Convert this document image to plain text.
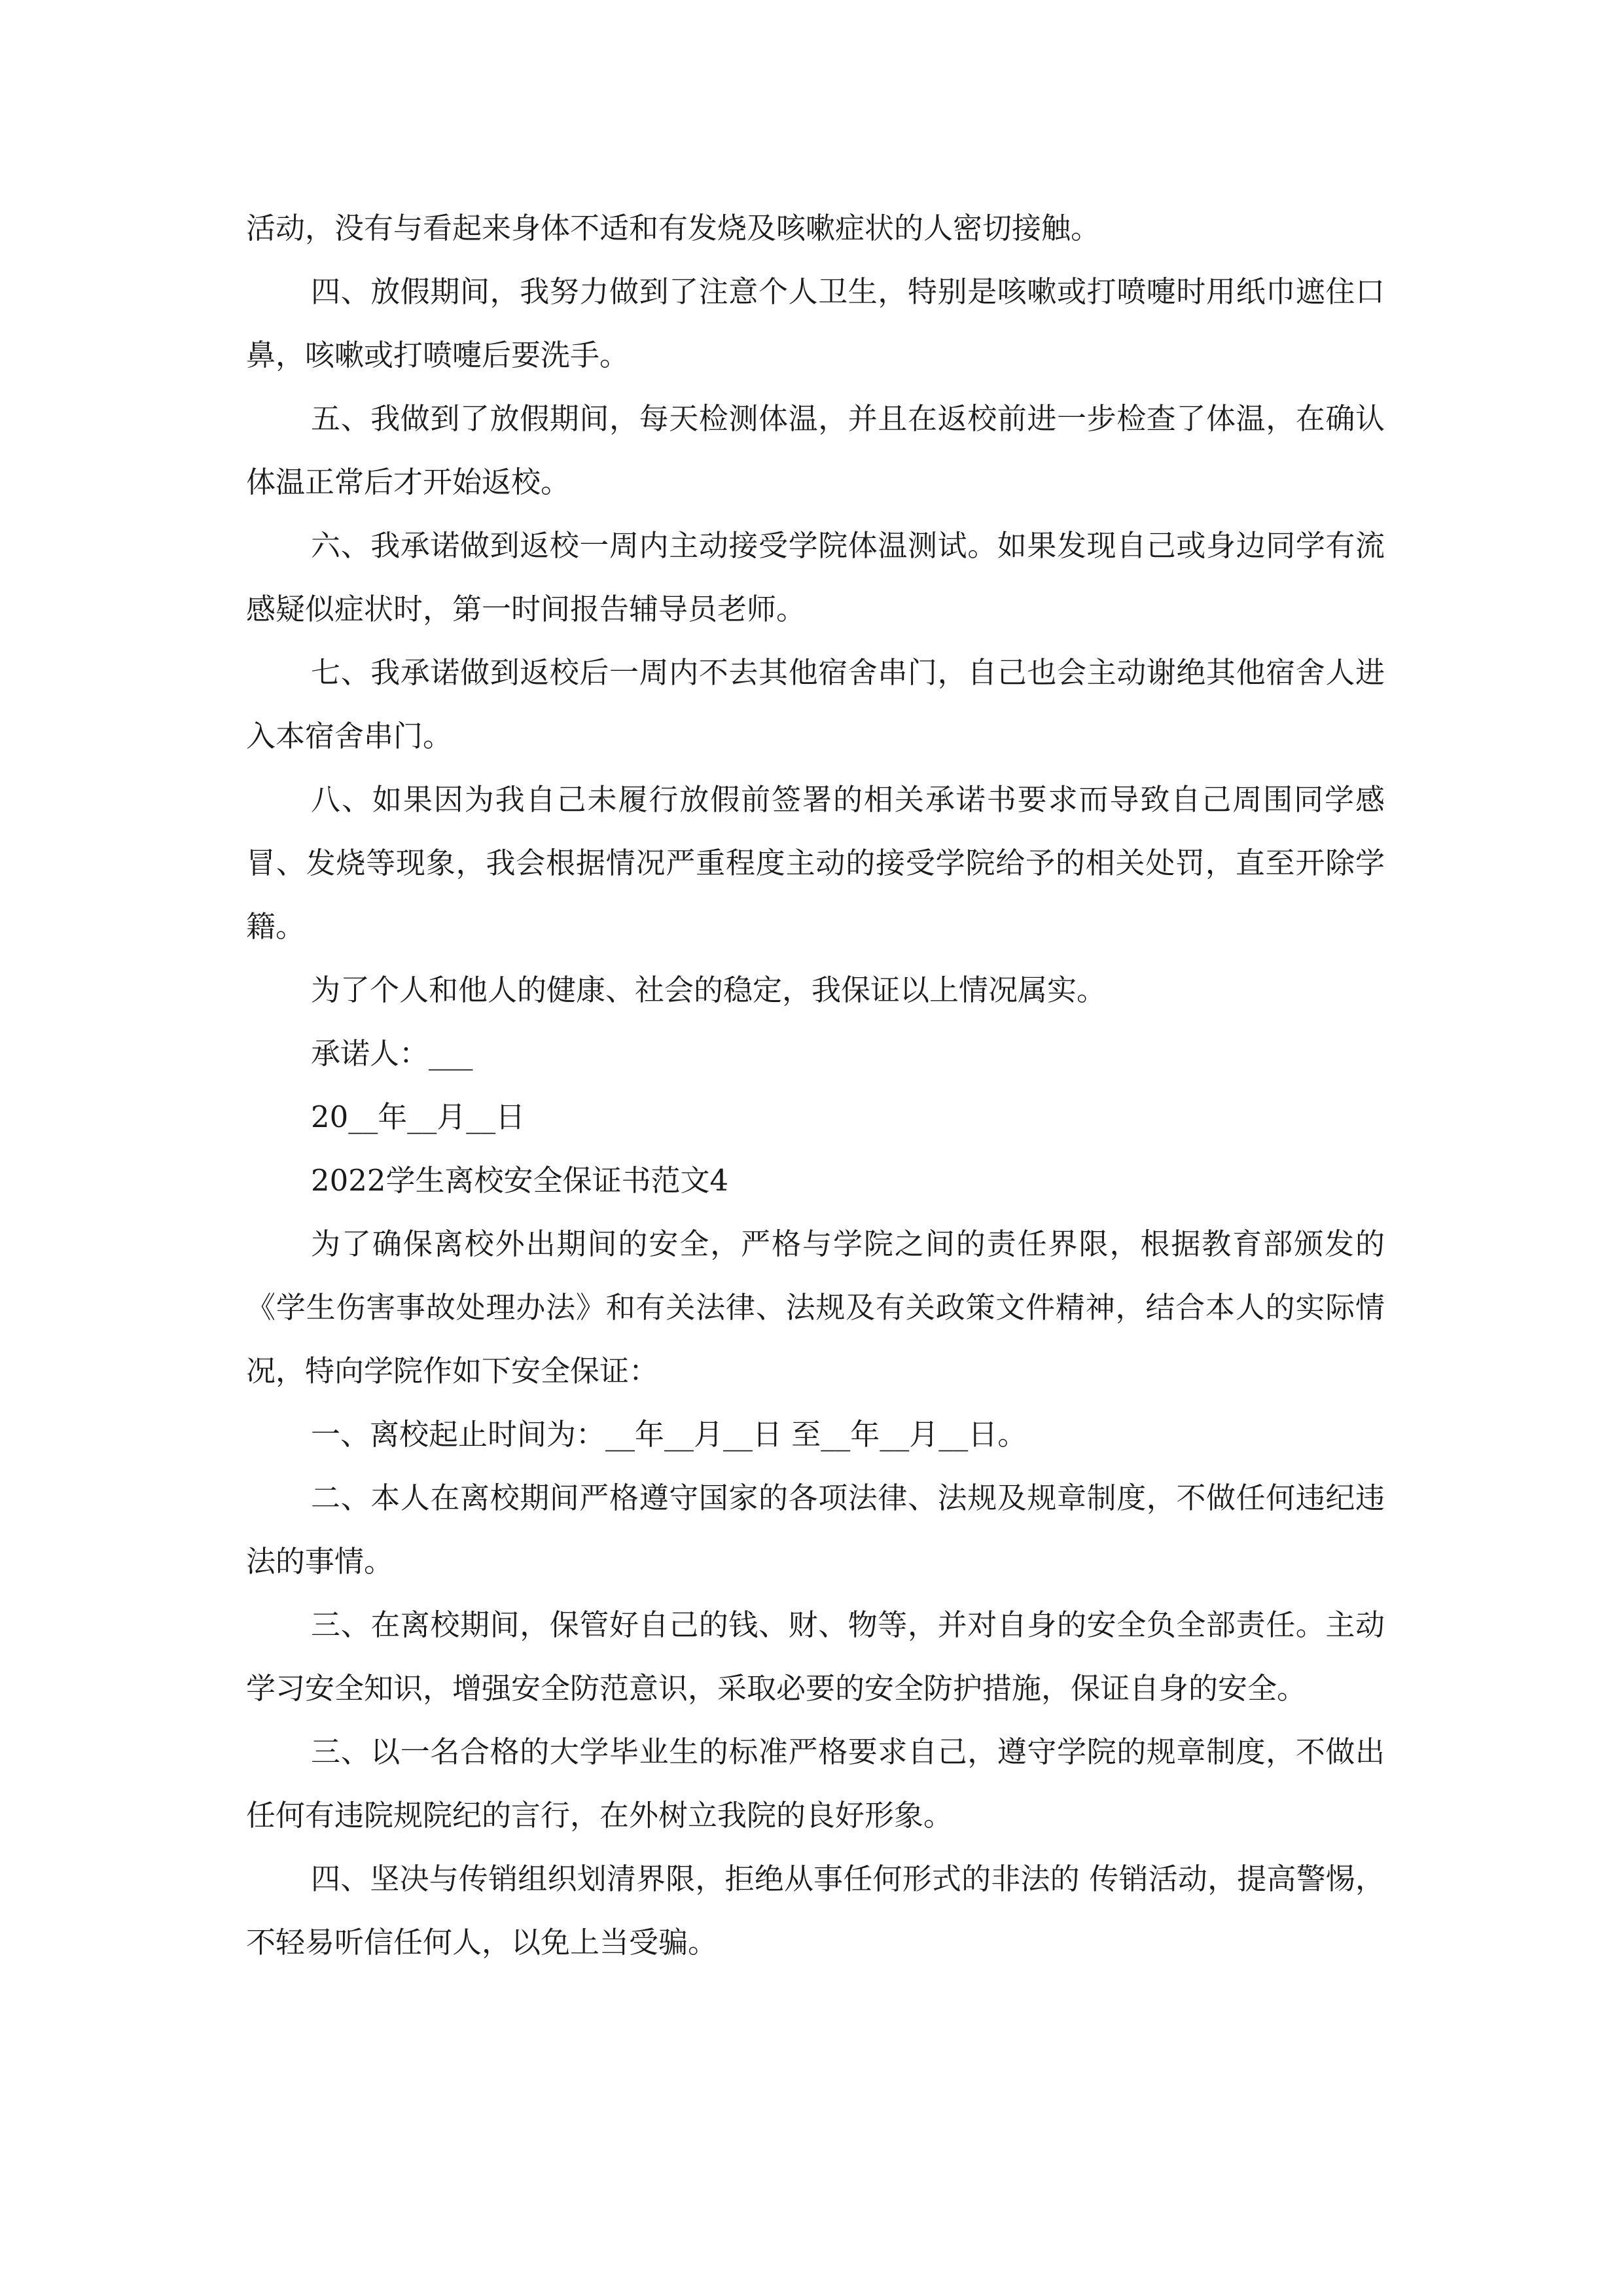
活动，没有与看起来身体不适和有发烧及咳嗽症状的人密切接触。

四、放假期间，我努力做到了注意个人卫生，特别是咳嗽或打喷嚏时用纸巾遮住口鼻，咳嗽或打喷嚏后要洗手。

五、我做到了放假期间，每天检测体温，并且在返校前进一步检查了体温，在确认体温正常后才开始返校。

六、我承诺做到返校一周内主动接受学院体温测试。如果发现自己或身边同学有流感疑似症状时，第一时间报告辅导员老师。

七、我承诺做到返校后一周内不去其他宿舍串门，自己也会主动谢绝其他宿舍人进入本宿舍串门。

八、如果因为我自己未履行放假前签署的相关承诺书要求而导致自己周围同学感冒、发烧等现象，我会根据情况严重程度主动的接受学院给予的相关处罚，直至开除学籍。

为了个人和他人的健康、社会的稳定，我保证以上情况属实。

承诺人：___

20__年__月__日

2022学生离校安全保证书范文4

为了确保离校外出期间的安全，严格与学院之间的责任界限，根据教育部颁发的《学生伤害事故处理办法》和有关法律、法规及有关政策文件精神，结合本人的实际情况，特向学院作如下安全保证：

一、离校起止时间为：__年__月__日 至__年__月__日。

二、本人在离校期间严格遵守国家的各项法律、法规及规章制度，不做任何违纪违法的事情。

三、在离校期间，保管好自己的钱、财、物等，并对自身的安全负全部责任。主动学习安全知识，增强安全防范意识，采取必要的安全防护措施，保证自身的安全。

三、以一名合格的大学毕业生的标准严格要求自己，遵守学院的规章制度，不做出任何有违院规院纪的言行，在外树立我院的良好形象。

四、坚决与传销组织划清界限，拒绝从事任何形式的非法的 传销活动，提高警惕，不轻易听信任何人，以免上当受骗。
